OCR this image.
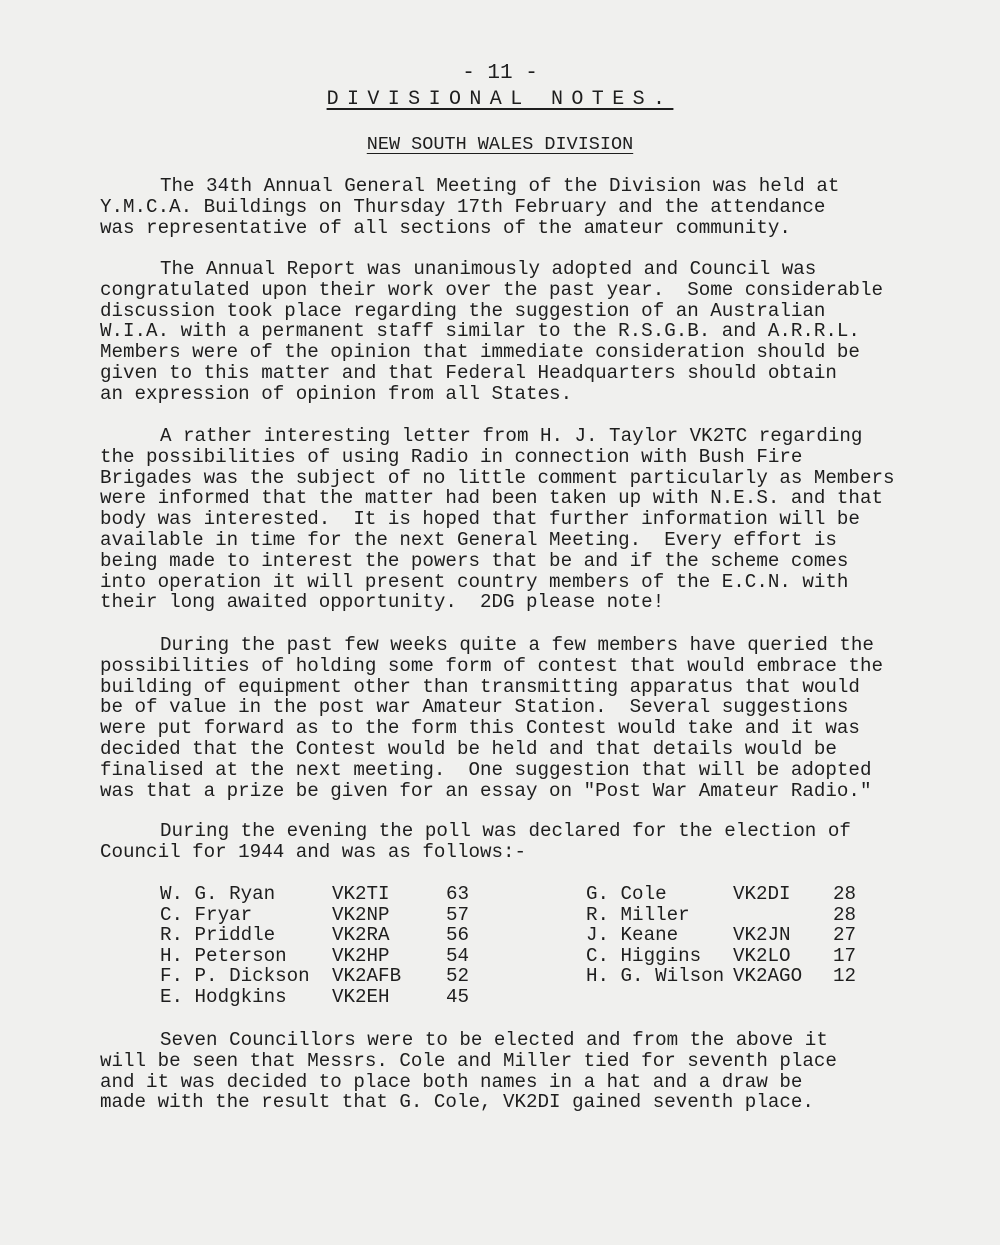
- 11 -
DIVISIONAL NOTES.
NEW SOUTH WALES DIVISION
The 34th Annual General Meeting of the Division was held at
Y.M.C.A. Buildings on Thursday 17th February and the attendance
was representative of all sections of the amateur community.
The Annual Report was unanimously adopted and Council was
congratulated upon their work over the past year.  Some considerable
discussion took place regarding the suggestion of an Australian
W.I.A. with a permanent staff similar to the R.S.G.B. and A.R.R.L.
Members were of the opinion that immediate consideration should be
given to this matter and that Federal Headquarters should obtain
an expression of opinion from all States.
A rather interesting letter from H. J. Taylor VK2TC regarding
the possibilities of using Radio in connection with Bush Fire
Brigades was the subject of no little comment particularly as Members
were informed that the matter had been taken up with N.E.S. and that
body was interested.  It is hoped that further information will be
available in time for the next General Meeting.  Every effort is
being made to interest the powers that be and if the scheme comes
into operation it will present country members of the E.C.N. with
their long awaited opportunity.  2DG please note!
During the past few weeks quite a few members have queried the
possibilities of holding some form of contest that would embrace the
building of equipment other than transmitting apparatus that would
be of value in the post war Amateur Station.  Several suggestions
were put forward as to the form this Contest would take and it was
decided that the Contest would be held and that details would be
finalised at the next meeting.  One suggestion that will be adopted
was that a prize be given for an essay on "Post War Amateur Radio."
During the evening the poll was declared for the election of
Council for 1944 and was as follows:-
W. G. Ryan	VK2TI	63
C. Fryar	VK2NP	57
R. Priddle	VK2RA	56
H. Peterson VK2HP	54
F. P. Dickson VK2AFB 52
E. Hodgkins VK2EH	45
G. Cole	VK2DI 28
R. Miller	28
J. Keane	VK2JN 27
C. Higgins VK2LO 17
H. G. Wilson VK2AGO 12
Seven Councillors were to be elected and from the above it
will be seen that Messrs. Cole and Miller tied for seventh place
and it was decided to place both names in a hat and a draw be
made with the result that G. Cole, VK2DI gained seventh place.
